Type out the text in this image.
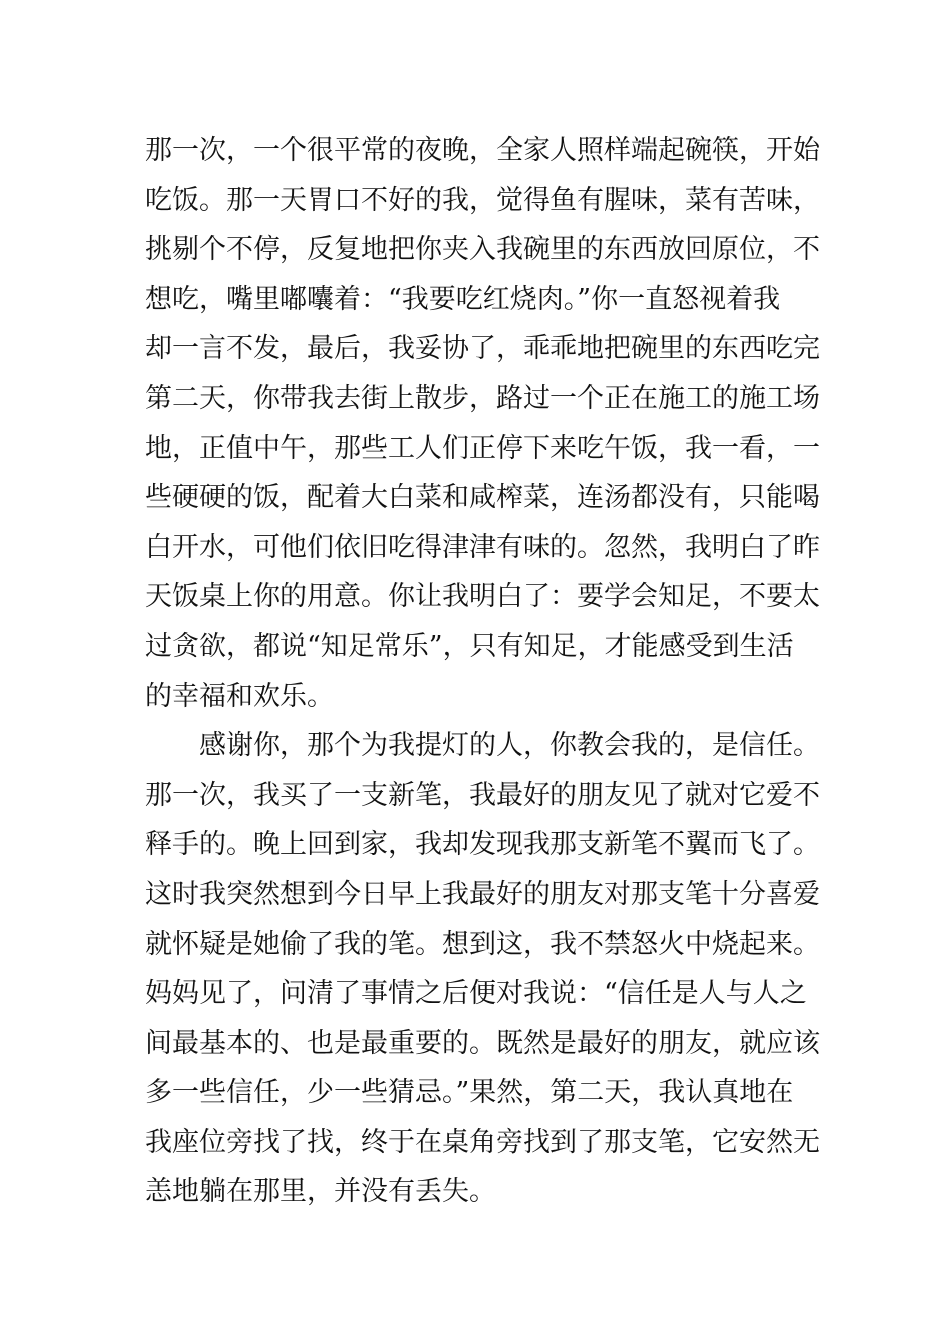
那一次，一个很平常的夜晚，全家人照样端起碗筷，开始
吃饭。那一天胃口不好的我，觉得鱼有腥味，菜有苦味，
挑剔个不停，反复地把你夹入我碗里的东西放回原位，不
想吃，嘴里嘟囔着：“我要吃红烧肉。”你一直怒视着我
却一言不发，最后，我妥协了，乖乖地把碗里的东西吃完
第二天，你带我去街上散步，路过一个正在施工的施工场
地，正值中午，那些工人们正停下来吃午饭，我一看，一
些硬硬的饭，配着大白菜和咸榨菜，连汤都没有，只能喝
白开水，可他们依旧吃得津津有味的。忽然，我明白了昨
天饭桌上你的用意。你让我明白了：要学会知足，不要太
过贪欲，都说“知足常乐”，只有知足，才能感受到生活
的幸福和欢乐。
感谢你，那个为我提灯的人，你教会我的，是信任。
那一次，我买了一支新笔，我最好的朋友见了就对它爱不
释手的。晚上回到家，我却发现我那支新笔不翼而飞了。
这时我突然想到今日早上我最好的朋友对那支笔十分喜爱
就怀疑是她偷了我的笔。想到这，我不禁怒火中烧起来。
妈妈见了，问清了事情之后便对我说：“信任是人与人之
间最基本的、也是最重要的。既然是最好的朋友，就应该
多一些信任，少一些猜忌。”果然，第二天，我认真地在
我座位旁找了找，终于在桌角旁找到了那支笔，它安然无
恙地躺在那里，并没有丢失。
